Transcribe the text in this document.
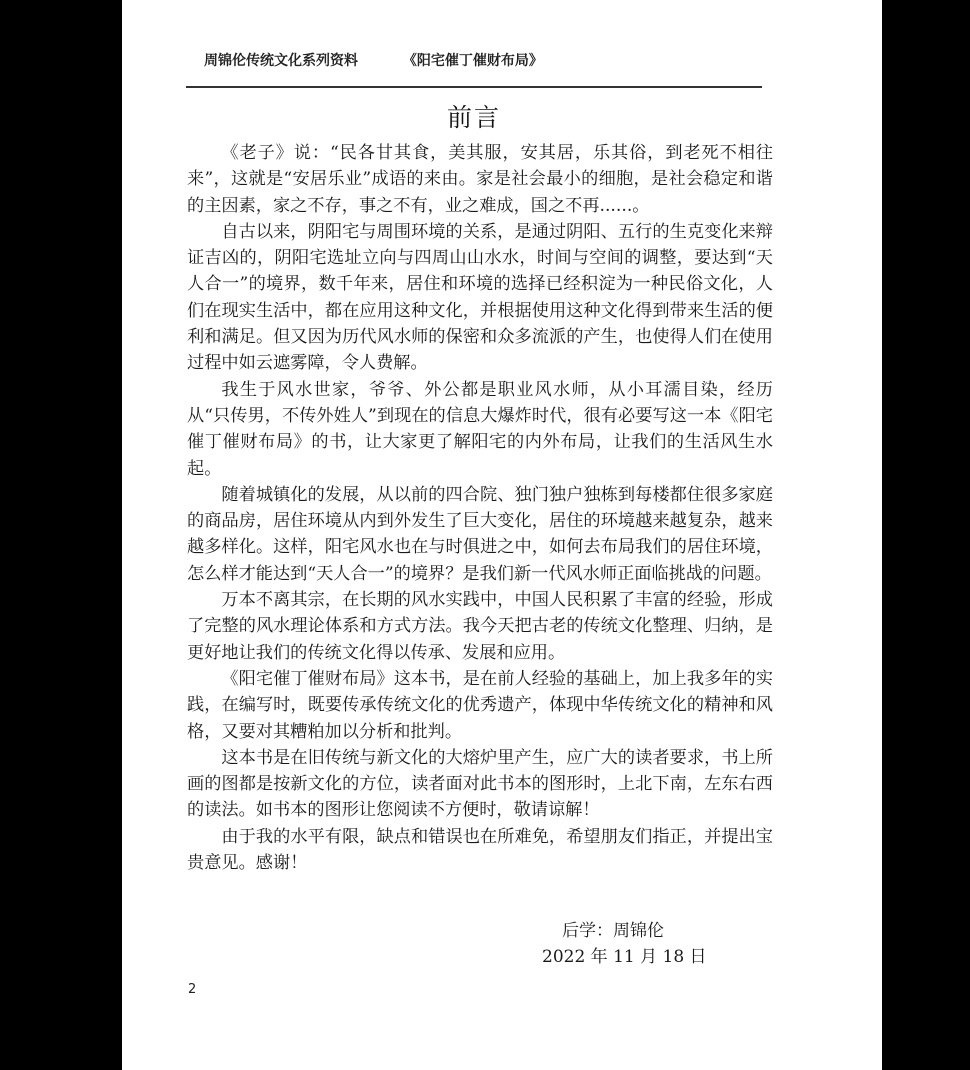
周锦伦传统文化系列资料	《阳宅催丁催财布局》
前言

《老子》说：“民各甘其食，美其服，安其居，乐其俗，到老死不相往来”，这就是“安居乐业”成语的来由。家是社会最小的细胞，是社会稳定和谐的主因素，家之不存，事之不有，业之难成，国之不再......。

自古以来，阴阳宅与周围环境的关系，是通过阴阳、五行的生克变化来辩证吉凶的，阴阳宅选址立向与四周山山水水，时间与空间的调整，要达到“天人合一”的境界，数千年来，居住和环境的选择已经积淀为一种民俗文化，人们在现实生活中，都在应用这种文化，并根据使用这种文化得到带来生活的便利和满足。但又因为历代风水师的保密和众多流派的产生，也使得人们在使用过程中如云遮雾障，令人费解。

我生于风水世家，爷爷、外公都是职业风水师，从小耳濡目染，经历从“只传男，不传外姓人”到现在的信息大爆炸时代，很有必要写这一本《阳宅催丁催财布局》的书，让大家更了解阳宅的内外布局，让我们的生活风生水起。

随着城镇化的发展，从以前的四合院、独门独户独栋到每楼都住很多家庭的商品房，居住环境从内到外发生了巨大变化，居住的环境越来越复杂，越来越多样化。这样，阳宅风水也在与时俱进之中，如何去布局我们的居住环境，怎么样才能达到“天人合一”的境界？是我们新一代风水师正面临挑战的问题。

万本不离其宗，在长期的风水实践中，中国人民积累了丰富的经验，形成了完整的风水理论体系和方式方法。我今天把古老的传统文化整理、归纳，是更好地让我们的传统文化得以传承、发展和应用。

《阳宅催丁催财布局》这本书，是在前人经验的基础上，加上我多年的实践，在编写时，既要传承传统文化的优秀遗产，体现中华传统文化的精神和风格，又要对其糟粕加以分析和批判。

这本书是在旧传统与新文化的大熔炉里产生，应广大的读者要求，书上所画的图都是按新文化的方位，读者面对此书本的图形时，上北下南，左东右西的读法。如书本的图形让您阅读不方便时，敬请谅解！

由于我的水平有限，缺点和错误也在所难免，希望朋友们指正，并提出宝贵意见。感谢！

后学：周锦伦
2022 年 11 月 18 日
2
